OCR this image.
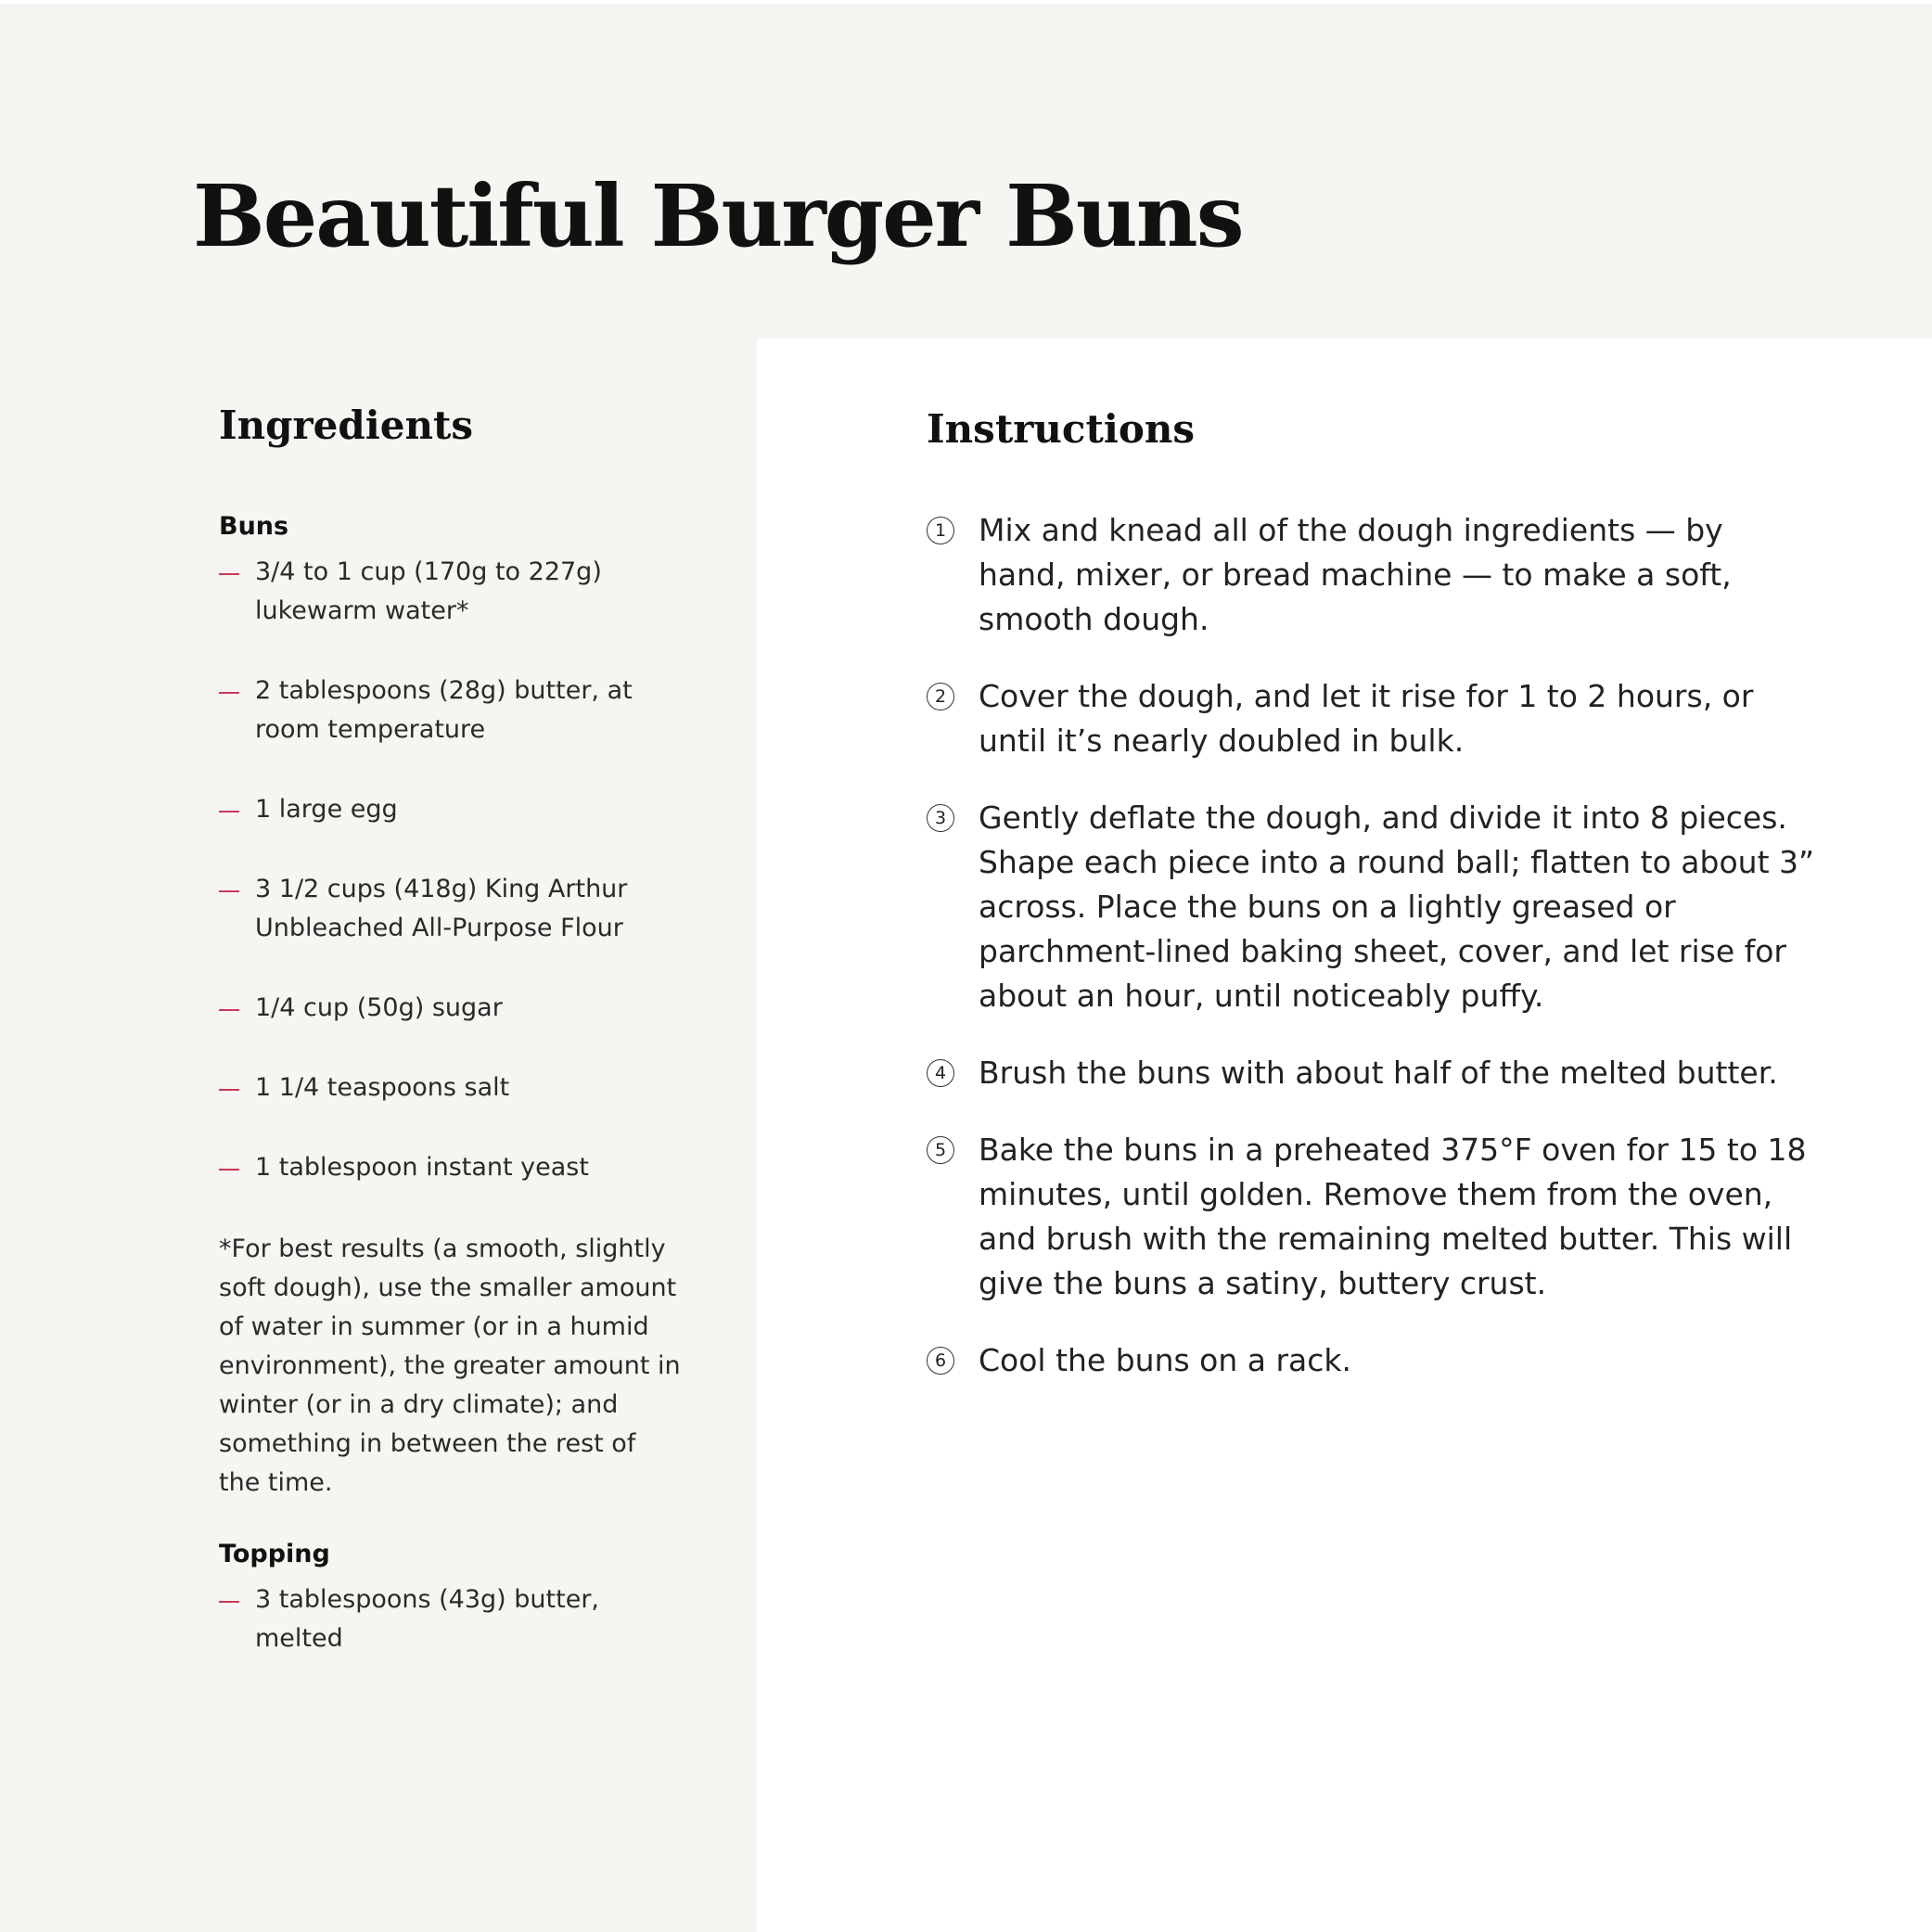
Beautiful Burger Buns
Ingredients	Instructions
Buns
3/4 to 1 cup (170g to 227g) lukewarm water*
2 tablespoons (28g) butter, at room temperature
1 large egg
3 1/2 cups (418g) King Arthur Unbleached All-Purpose Flour
1/4 cup (50g) sugar
1 1/4 teaspoons salt
1 tablespoon instant yeast

*For best results (a smooth, slightly soft dough), use the smaller amount of water in summer (or in a humid environment), the greater amount in winter (or in a dry climate); and something in between the rest of the time.

Topping
3 tablespoons (43g) butter, melted
1 Mix and knead all of the dough ingredients — by hand, mixer, or bread machine — to make a soft, smooth dough.
2 Cover the dough, and let it rise for 1 to 2 hours, or until it’s nearly doubled in bulk.
3 Gently deflate the dough, and divide it into 8 pieces. Shape each piece into a round ball; flatten to about 3” across. Place the buns on a lightly greased or parchment-lined baking sheet, cover, and let rise for about an hour, until noticeably puffy.
4 Brush the buns with about half of the melted butter.
5 Bake the buns in a preheated 375°F oven for 15 to 18 minutes, until golden. Remove them from the oven, and brush with the remaining melted butter. This will give the buns a satiny, buttery crust.
6 Cool the buns on a rack.
